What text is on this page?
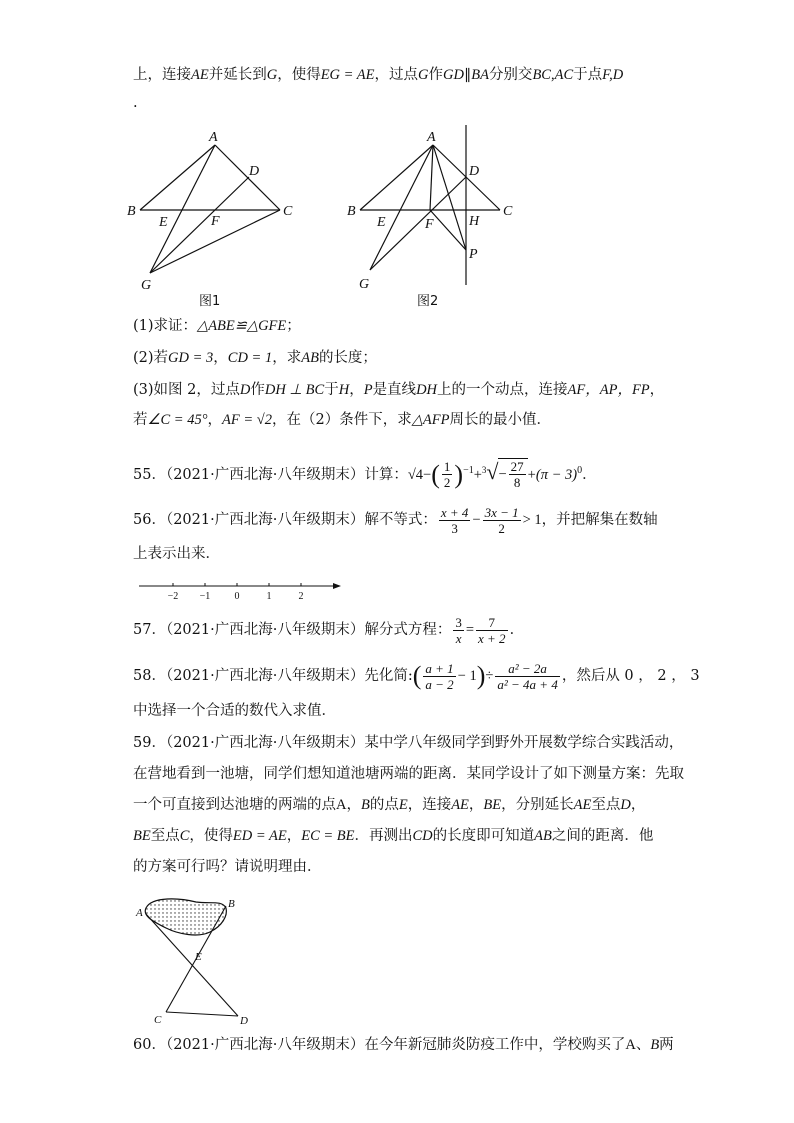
上，连接AE并延长到G，使得EG = AE，过点G作GD∥BA分别交BC,AC于点F,D
.
A
D
B	C
E	F
G
图1
A
D
B	C
E	F	H
P
G
图2
(1)求证：△ABE≌△GFE；
(2)若GD = 3，CD = 1，求AB的长度；
(3)如图 2，过点D作DH ⊥ BC于H，P是直线DH上的一个动点，连接AF，AP，FP，
若∠C = 45°，AF = √2，在（2）条件下，求△AFP周长的最小值．
55．（2021·广西北海·八年级期末）计算：$√4-( \frac{1}{2} )^{-1}+^3√- \frac{27}{8} +(\pi - 3)^0$．
56．（2021·广西北海·八年级期末）解不等式： $\frac{x + 4}{3} - \frac{3x - 1}{2} > 1$，并把解集在数轴
上表示出来．
−2 −1 0	1	2
57．（2021·广西北海·八年级期末）解分式方程： $\frac{3}{x} = \frac{7}{x + 2}$ ．
58．（2021·广西北海·八年级期末）先化简:( $\frac{a + 1}{a - 2} - 1)\div \frac{\text{a² − 2a}}{\text{a² − 4a + 4}}$ ，然后从 0 ， 2 ， 3
中选择一个合适的数代入求值．
59．（2021·广西北海·八年级期末）某中学八年级同学到野外开展数学综合实践活动，
在营地看到一池塘，同学们想知道池塘两端的距离．某同学设计了如下测量方案：先取
一个可直接到达池塘的两端的点A，B的点E，连接AE，BE，分别延长AE至点D，
BE至点C，使得ED = AE，EC = BE．再测出CD的长度即可知道AB之间的距离．他
的方案可行吗？请说明理由．
A
B
E
C	D
60．（2021·广西北海·八年级期末）在今年新冠肺炎防疫工作中，学校购买了A、B两
